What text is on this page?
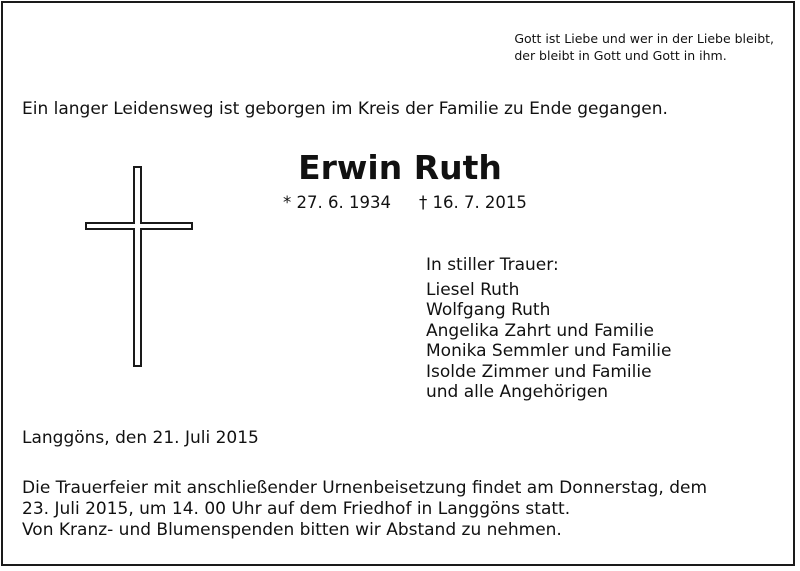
Gott ist Liebe und wer in der Liebe bleibt,
der bleibt in Gott und Gott in ihm.
Ein langer Leidensweg ist geborgen im Kreis der Familie zu Ende gegangen.
Erwin Ruth
* 27. 6. 1934 † 16. 7. 2015
In stiller Trauer:
Liesel Ruth
Wolfgang Ruth
Angelika Zahrt und Familie
Monika Semmler und Familie
Isolde Zimmer und Familie
und alle Angehörigen
Langgöns, den 21. Juli 2015
Die Trauerfeier mit anschließender Urnenbeisetzung findet am Donnerstag, dem
23. Juli 2015, um 14. 00 Uhr auf dem Friedhof in Langgöns statt.
Von Kranz- und Blumenspenden bitten wir Abstand zu nehmen.
